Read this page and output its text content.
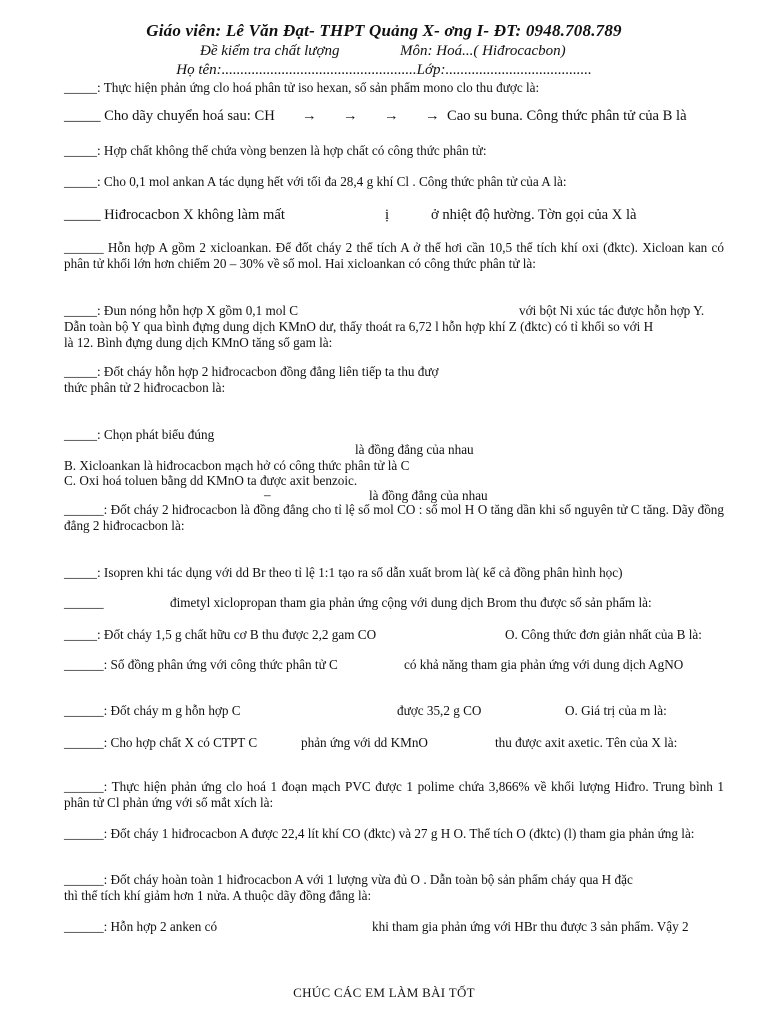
Giáo viên: Lê Văn Đạt- THPT Quảng X- ơng I- ĐT: 0948.708.789
Đề kiểm tra chất lượng	Môn: Hoá...( Hiđrocacbon)
Họ tên:....................................................Lớp:.......................................
_____: Thực hiện phản ứng clo hoá phân tử iso hexan, số sản phẩm mono clo thu được là:
_____ Cho dãy chuyển hoá sau: CH	→ → → → Cao su buna. Công thức phân tử của B là
_____: Hợp chất không thể chứa vòng benzen là hợp chất có công thức phân tử:
_____: Cho 0,1 mol ankan A tác dụng hết với tối đa 28,4 g khí Cl . Công thức phân tử của A là:
_____ Hiđrocacbon X không làm mất	ị	ở nhiệt độ hường. Tờn gọi của X là
______ Hỗn hợp A gồm 2 xicloankan. Để đốt cháy 2 thể tích A ở thể hơi cần 10,5 thể tích khí oxi (đktc). Xicloan kan có phân tử khối lớn hơn chiếm 20 – 30% về số mol. Hai xicloankan có công thức phân tử là:
_____: Đun nóng hỗn hợp X gồm 0,1 mol C	với bột Ni xúc tác được hỗn hợp Y.
Dẫn toàn bộ Y qua bình đựng dung dịch KMnO dư, thấy thoát ra 6,72 l hỗn hợp khí Z (đktc) có tỉ khối so với H
là 12. Bình đựng dung dịch KMnO tăng số gam là:
_____: Đốt cháy hỗn hợp 2 hiđrocacbon đồng đẳng liên tiếp ta thu đượ
thức phân tử 2 hiđrocacbon là:
_____: Chọn phát biểu đúng
là đồng đẳng của nhau
B. Xicloankan là hiđrocacbon mạch hở có công thức phân tử là C
C. Oxi hoá toluen bằng dd KMnO ta được axit benzoic.
–	là đồng đẳng của nhau
______: Đốt cháy 2 hiđrocacbon là đồng đẳng cho tỉ lệ số mol CO : số mol H O tăng dần khi số nguyên tử C tăng. Dãy đồng đẳng 2 hiđrocacbon là:
_____: Isopren khi tác dụng với dd Br theo tỉ lệ 1:1 tạo ra số dẫn xuất brom là( kể cả đồng phân hình học)
______	đimetyl xiclopropan tham gia phản ứng cộng với dung dịch Brom thu được số sản phẩm là:
_____: Đốt cháy 1,5 g chất hữu cơ B thu được 2,2 gam CO	O. Công thức đơn giản nhất của B là:
______: Số đồng phân ứng với công thức phân tử C	có khả năng tham gia phản ứng với dung dịch AgNO
______: Đốt cháy m g hỗn hợp C	được 35,2 g CO	O. Giá trị của m là:
______: Cho hợp chất X có CTPT C	phản ứng với dd KMnO	thu được axit axetic. Tên của X là:
______: Thực hiện phản ứng clo hoá 1 đoạn mạch PVC được 1 polime chứa 3,866% về khối lượng Hiđro. Trung bình 1 phân tử Cl phản ứng với số mắt xích là:
______: Đốt cháy 1 hiđrocacbon A được 22,4 lít khí CO (đktc) và 27 g H O. Thể tích O (đktc) (l) tham gia phản ứng là:
______: Đốt cháy hoàn toàn 1 hiđrocacbon A với 1 lượng vừa đủ O . Dẫn toàn bộ sản phẩm cháy qua H đặc
thì thể tích khí giảm hơn 1 nửa. A thuộc dãy đồng đẳng là:
______: Hỗn hợp 2 anken có	khi tham gia phản ứng với HBr thu được 3 sản phẩm. Vậy 2
CHÚC CÁC EM LÀM BÀI TỐT
